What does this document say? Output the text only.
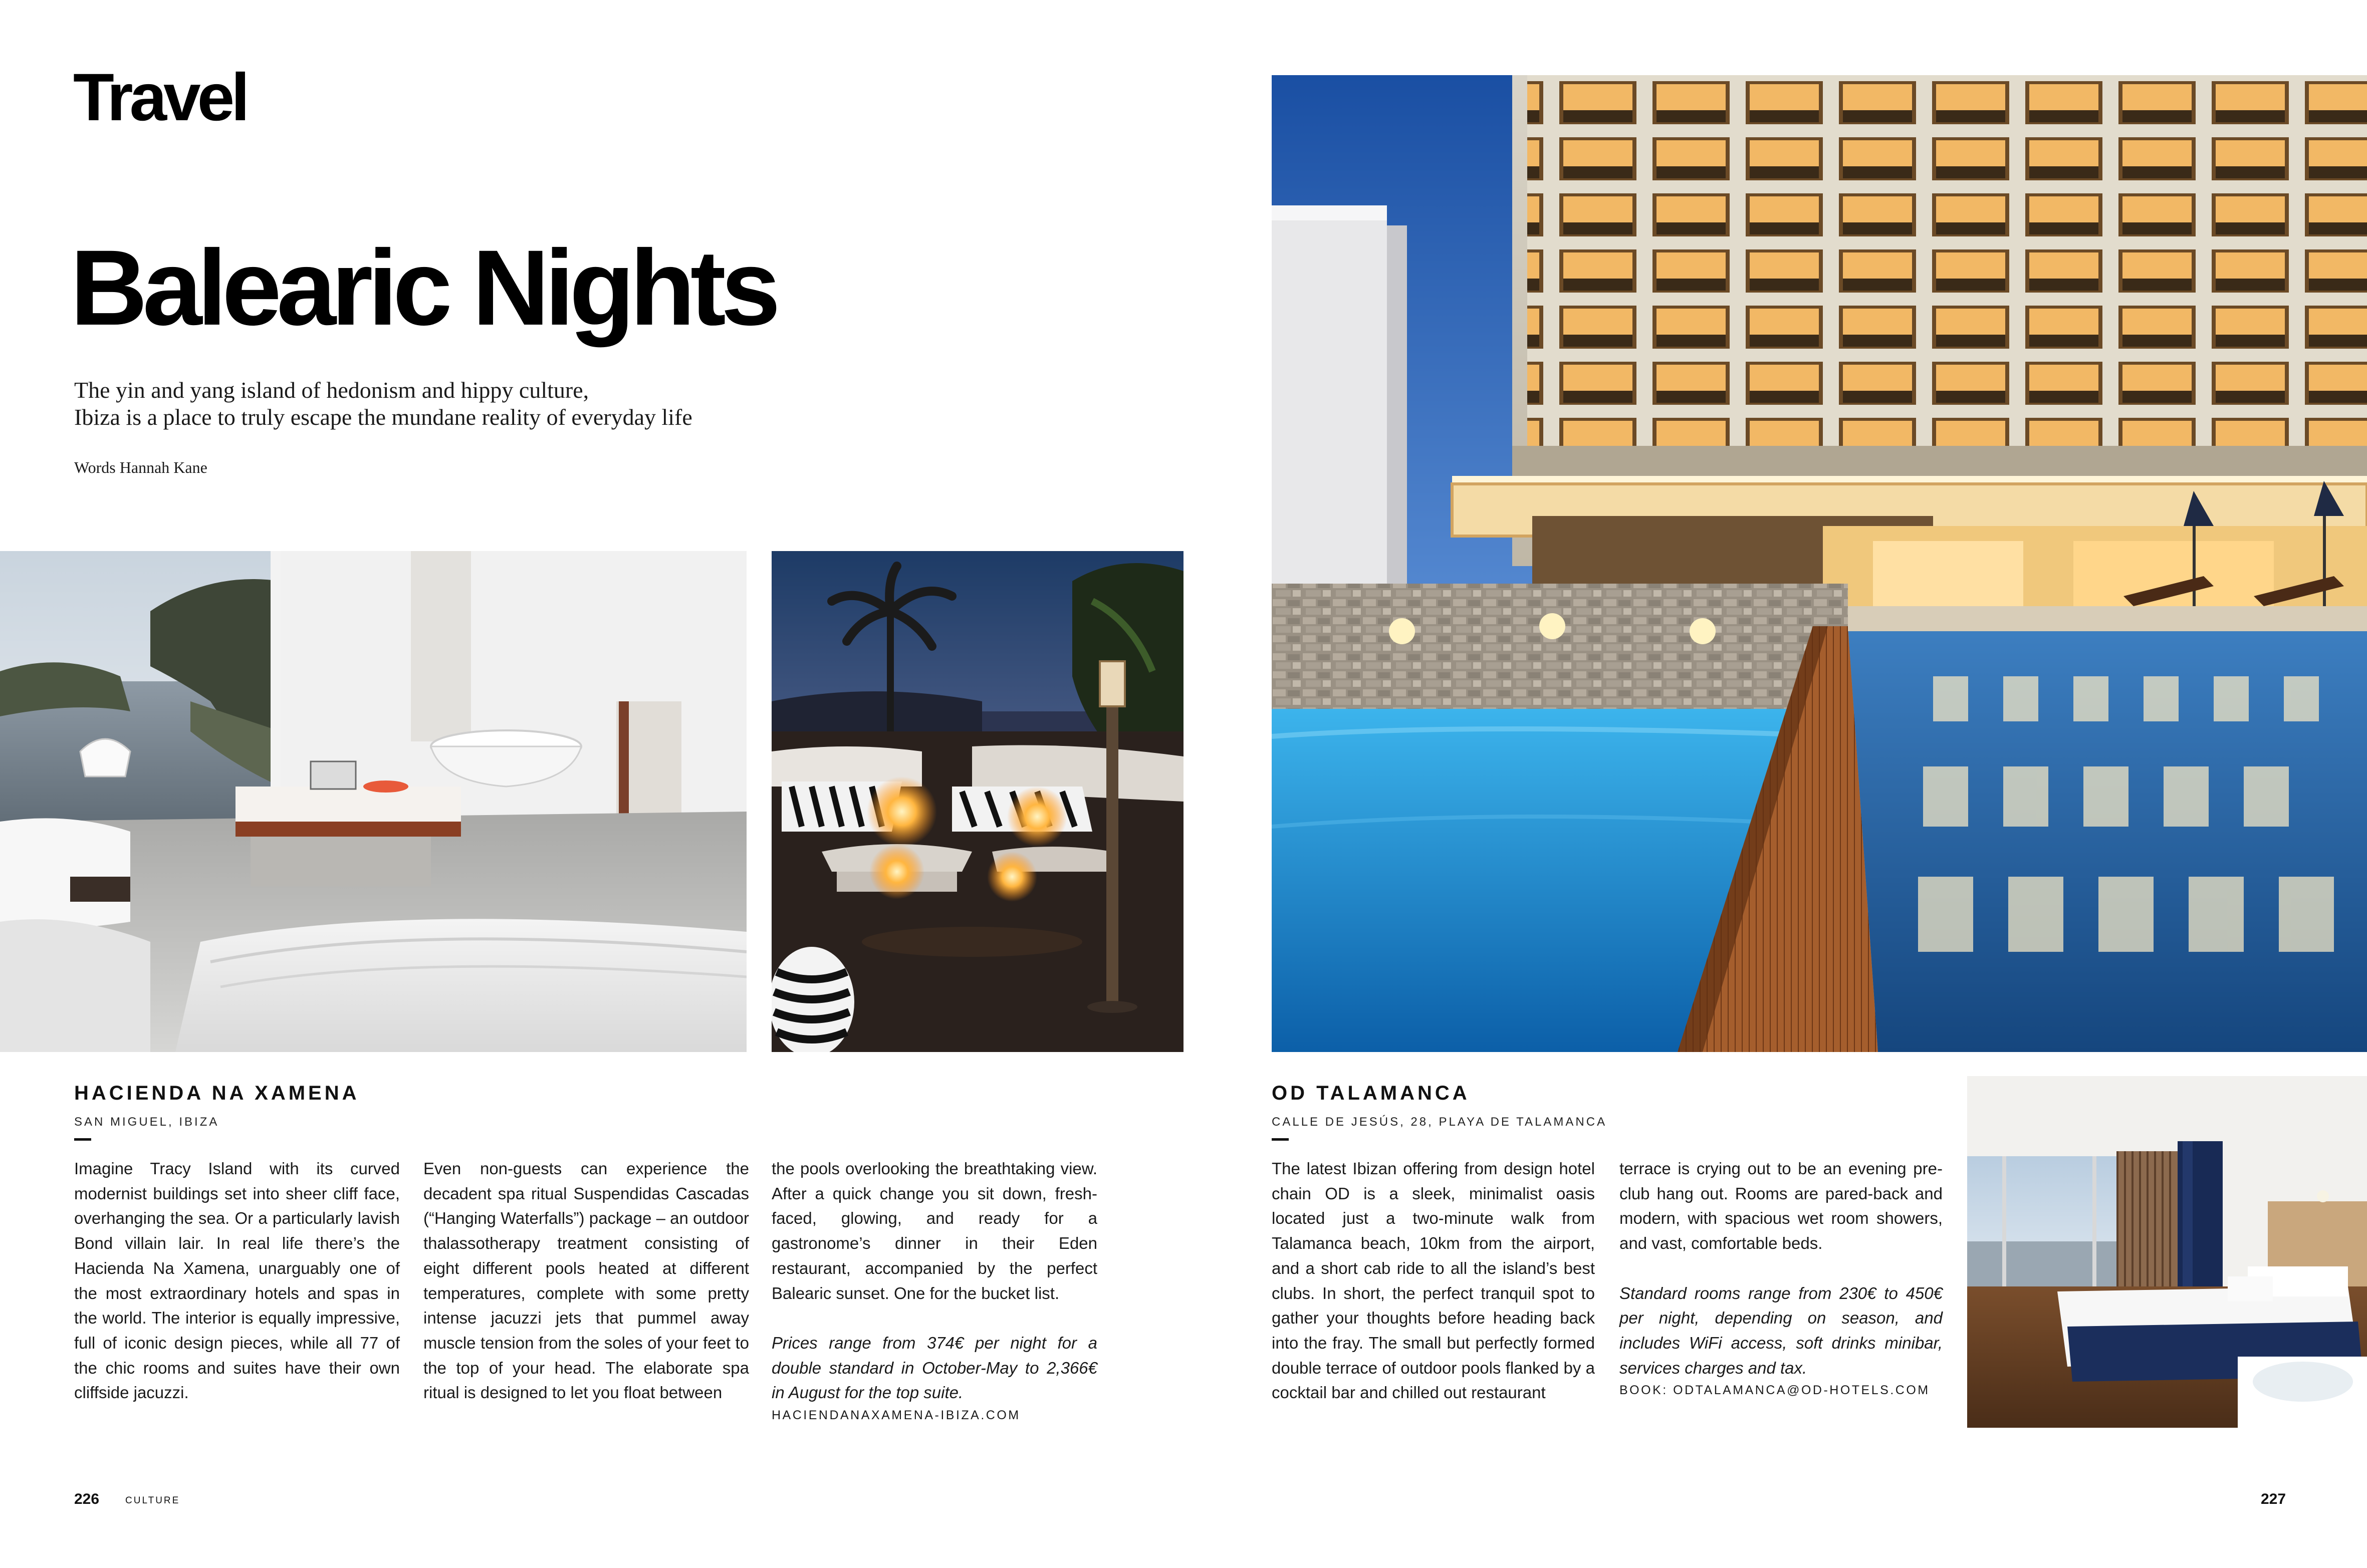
Travel
Balearic Nights
The yin and yang island of hedonism and hippy culture,
Ibiza is a place to truly escape the mundane reality of everyday life
Words Hannah Kane
HACIENDA NA XAMENA
SAN MIGUEL, IBIZA

Imagine Tracy Island with its curved modernist buildings set into sheer cliff face, overhanging the sea. Or a particularly lavish Bond villain lair. In real life there’s the Hacienda Na Xamena, unarguably one of the most extraordinary hotels and spas in the world. The interior is equally impressive, full of iconic design pieces, while all 77 of the chic rooms and suites have their own cliffside jacuzzi.

Even non-guests can experience the decadent spa ritual Suspendidas Cascadas (“Hanging Waterfalls”) package – an outdoor thalassotherapy treatment consisting of eight different pools heated at different temperatures, complete with some pretty intense jacuzzi jets that pummel away muscle tension from the soles of your feet to the top of your head. The elaborate spa ritual is designed to let you float between

the pools overlooking the breathtaking view. After a quick change you sit down, fresh-faced, glowing, and ready for a gastronome’s dinner in their Eden restaurant, accompanied by the perfect Balearic sunset. One for the bucket list.

Prices range from 374€ per night for a double standard in October-May to 2,366€ in August for the top suite.

HACIENDANAXAMENA-IBIZA.COM

OD TALAMANCA
CALLE DE JESÚS, 28, PLAYA DE TALAMANCA

The latest Ibizan offering from design hotel chain OD is a sleek, minimalist oasis located just a two-minute walk from Talamanca beach, 10km from the airport, and a short cab ride to all the island’s best clubs. In short, the perfect tranquil spot to gather your thoughts before heading back into the fray. The small but perfectly formed double terrace of outdoor pools flanked by a cocktail bar and chilled out restaurant

terrace is crying out to be an evening pre-club hang out. Rooms are pared-back and modern, with spacious wet room showers, and vast, comfortable beds.

Standard rooms range from 230€ to 450€ per night, depending on season, and includes WiFi access, soft drinks minibar, services charges and tax.

BOOK: ODTALAMANCA@OD-HOTELS.COM

226	CULTURE	227
